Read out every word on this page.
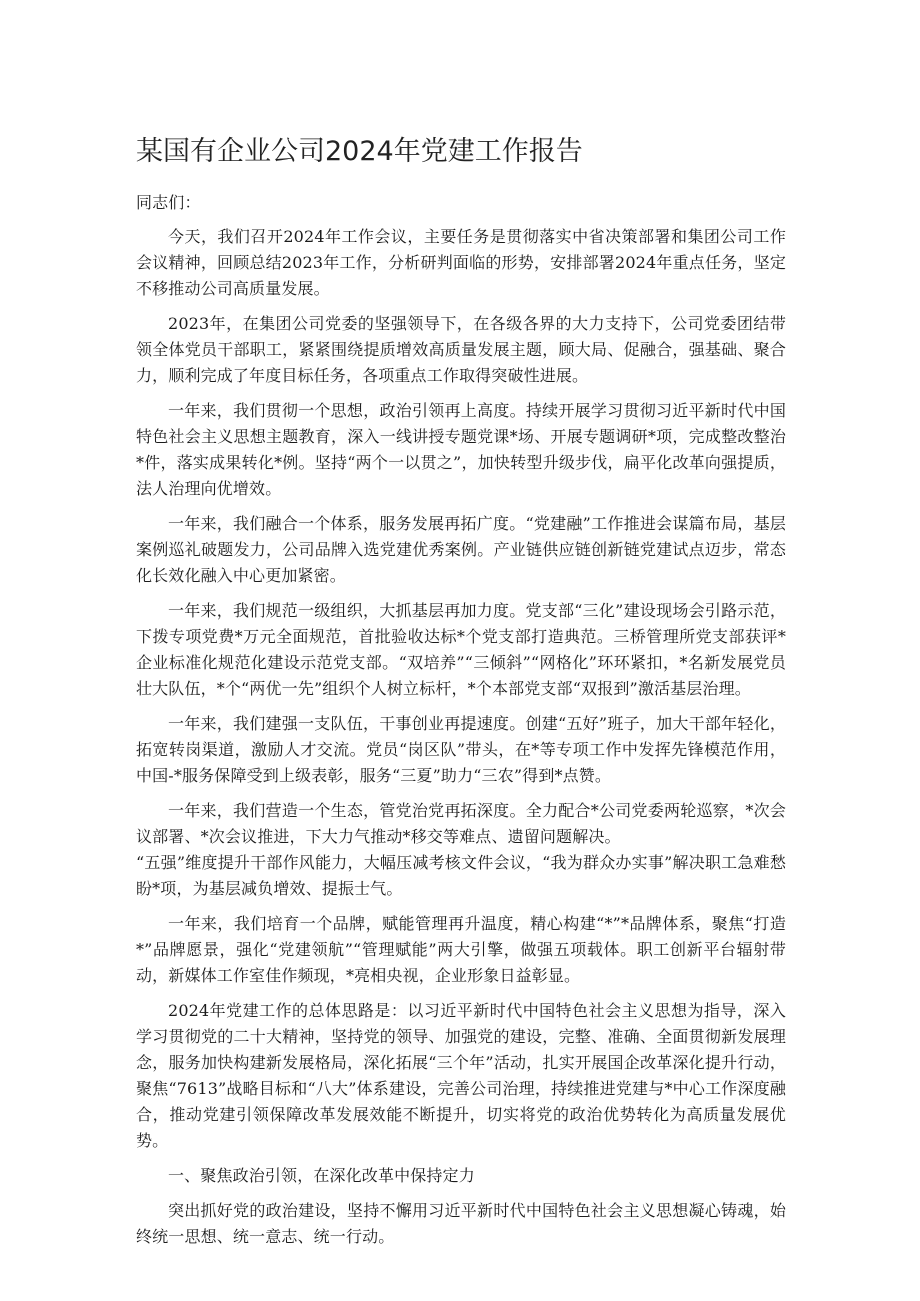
某国有企业公司2024年党建工作报告

同志们：

今天，我们召开2024年工作会议，主要任务是贯彻落实中省决策部署和集团公司工作会议精神，回顾总结2023年工作，分析研判面临的形势，安排部署2024年重点任务，坚定不移推动公司高质量发展。

2023年，在集团公司党委的坚强领导下，在各级各界的大力支持下，公司党委团结带领全体党员干部职工，紧紧围绕提质增效高质量发展主题，顾大局、促融合，强基础、聚合力，顺利完成了年度目标任务，各项重点工作取得突破性进展。

一年来，我们贯彻一个思想，政治引领再上高度。持续开展学习贯彻习近平新时代中国特色社会主义思想主题教育，深入一线讲授专题党课*场、开展专题调研*项，完成整改整治*件，落实成果转化*例。坚持“两个一以贯之”，加快转型升级步伐，扁平化改革向强提质，法人治理向优增效。

一年来，我们融合一个体系，服务发展再拓广度。“党建融”工作推进会谋篇布局，基层案例巡礼破题发力，公司品牌入选党建优秀案例。产业链供应链创新链党建试点迈步，常态化长效化融入中心更加紧密。

一年来，我们规范一级组织，大抓基层再加力度。党支部“三化”建设现场会引路示范，下拨专项党费*万元全面规范，首批验收达标*个党支部打造典范。三桥管理所党支部获评*企业标准化规范化建设示范党支部。“双培养”“三倾斜”“网格化”环环紧扣，*名新发展党员壮大队伍，*个“两优一先”组织个人树立标杆，*个本部党支部“双报到”激活基层治理。

一年来，我们建强一支队伍，干事创业再提速度。创建“五好”班子，加大干部年轻化，拓宽转岗渠道，激励人才交流。党员“岗区队”带头，在*等专项工作中发挥先锋模范作用，中国-*服务保障受到上级表彰，服务“三夏”助力“三农”得到*点赞。

一年来，我们营造一个生态，管党治党再拓深度。全力配合*公司党委两轮巡察，*次会议部署、*次会议推进，下大力气推动*移交等难点、遗留问题解决。

“五强”维度提升干部作风能力，大幅压减考核文件会议，“我为群众办实事”解决职工急难愁盼*项，为基层减负增效、提振士气。

一年来，我们培育一个品牌，赋能管理再升温度，精心构建“*”*品牌体系，聚焦“打造*”品牌愿景，强化“党建领航”“管理赋能”两大引擎，做强五项载体。职工创新平台辐射带动，新媒体工作室佳作频现，*亮相央视，企业形象日益彰显。

2024年党建工作的总体思路是：以习近平新时代中国特色社会主义思想为指导，深入学习贯彻党的二十大精神，坚持党的领导、加强党的建设，完整、准确、全面贯彻新发展理念，服务加快构建新发展格局，深化拓展“三个年”活动，扎实开展国企改革深化提升行动，聚焦“7613”战略目标和“八大”体系建设，完善公司治理，持续推进党建与*中心工作深度融合，推动党建引领保障改革发展效能不断提升，切实将党的政治优势转化为高质量发展优势。

一、聚焦政治引领，在深化改革中保持定力

突出抓好党的政治建设，坚持不懈用习近平新时代中国特色社会主义思想凝心铸魂，始终统一思想、统一意志、统一行动。
